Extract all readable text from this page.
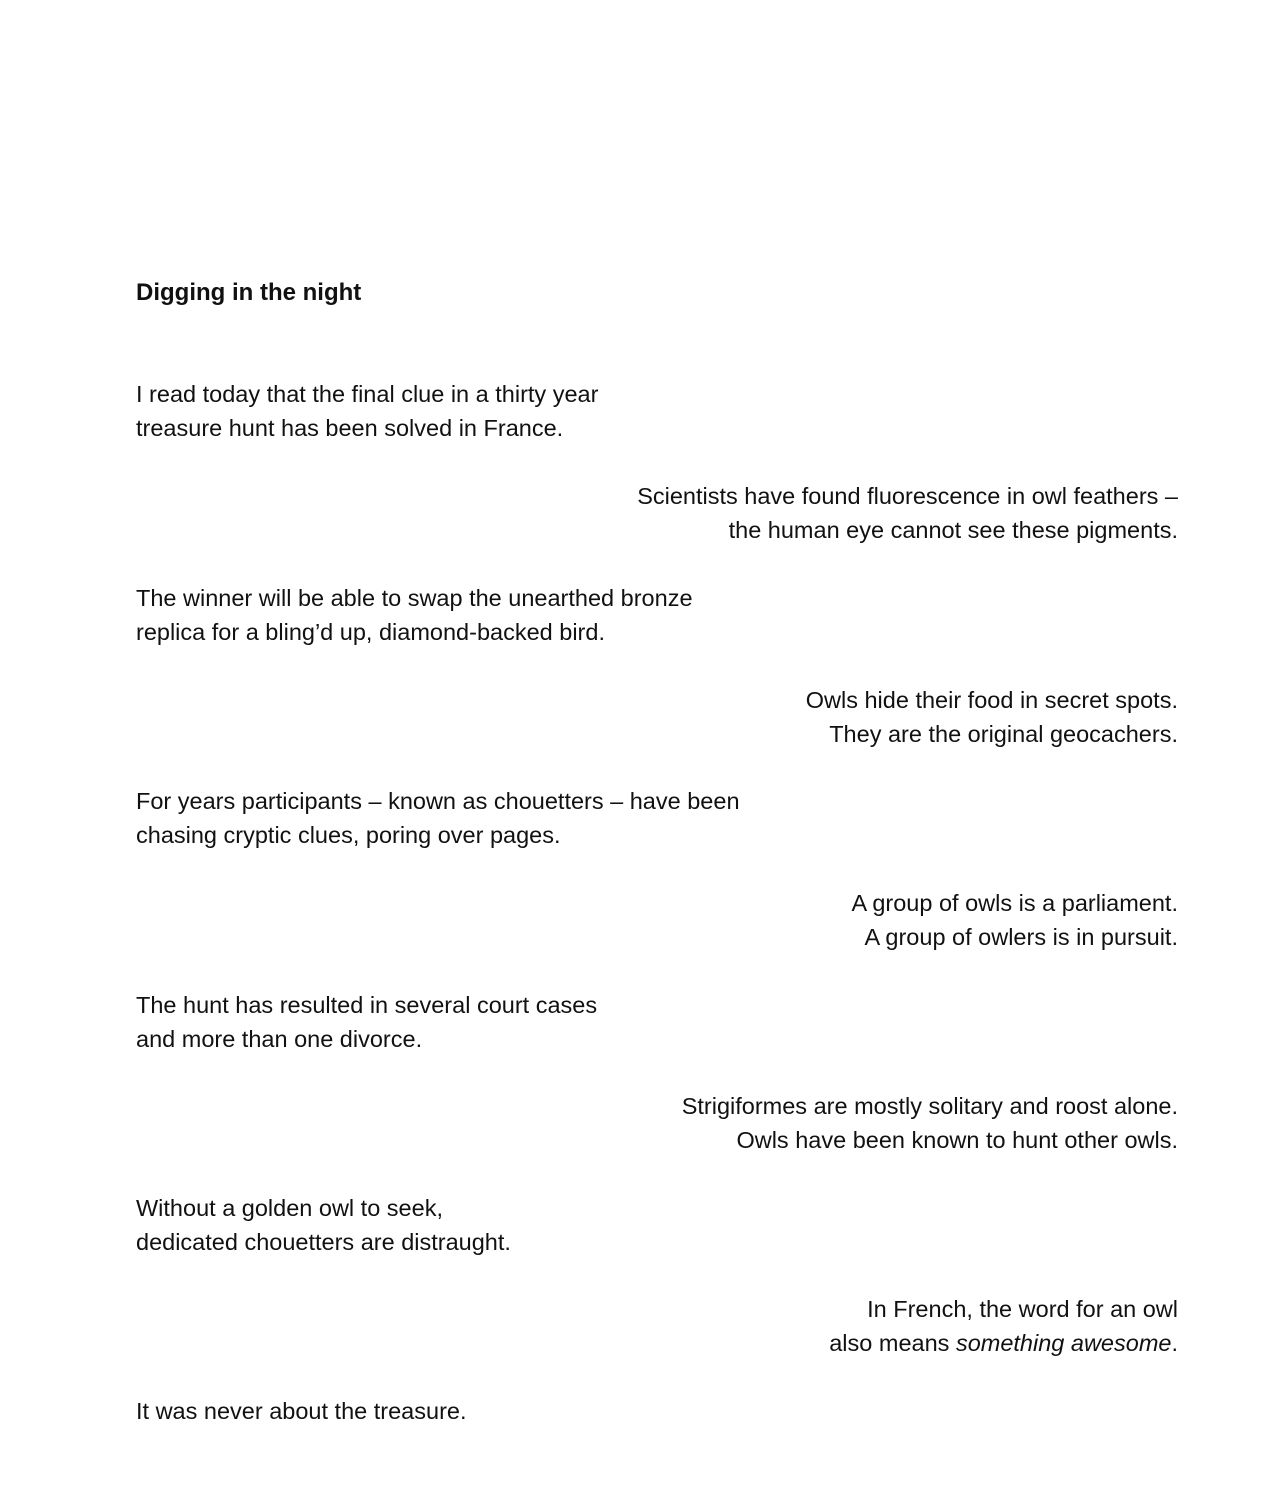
Digging in the night

I read today that the final clue in a thirty year
treasure hunt has been solved in France.

Scientists have found fluorescence in owl feathers –
the human eye cannot see these pigments.

The winner will be able to swap the unearthed bronze
replica for a bling’d up, diamond-backed bird.

Owls hide their food in secret spots.
They are the original geocachers.

For years participants – known as chouetters – have been
chasing cryptic clues, poring over pages.

A group of owls is a parliament.
A group of owlers is in pursuit.

The hunt has resulted in several court cases
and more than one divorce.

Strigiformes are mostly solitary and roost alone.
Owls have been known to hunt other owls.

Without a golden owl to seek,
dedicated chouetters are distraught.

In French, the word for an owl
also means something awesome.

It was never about the treasure.
